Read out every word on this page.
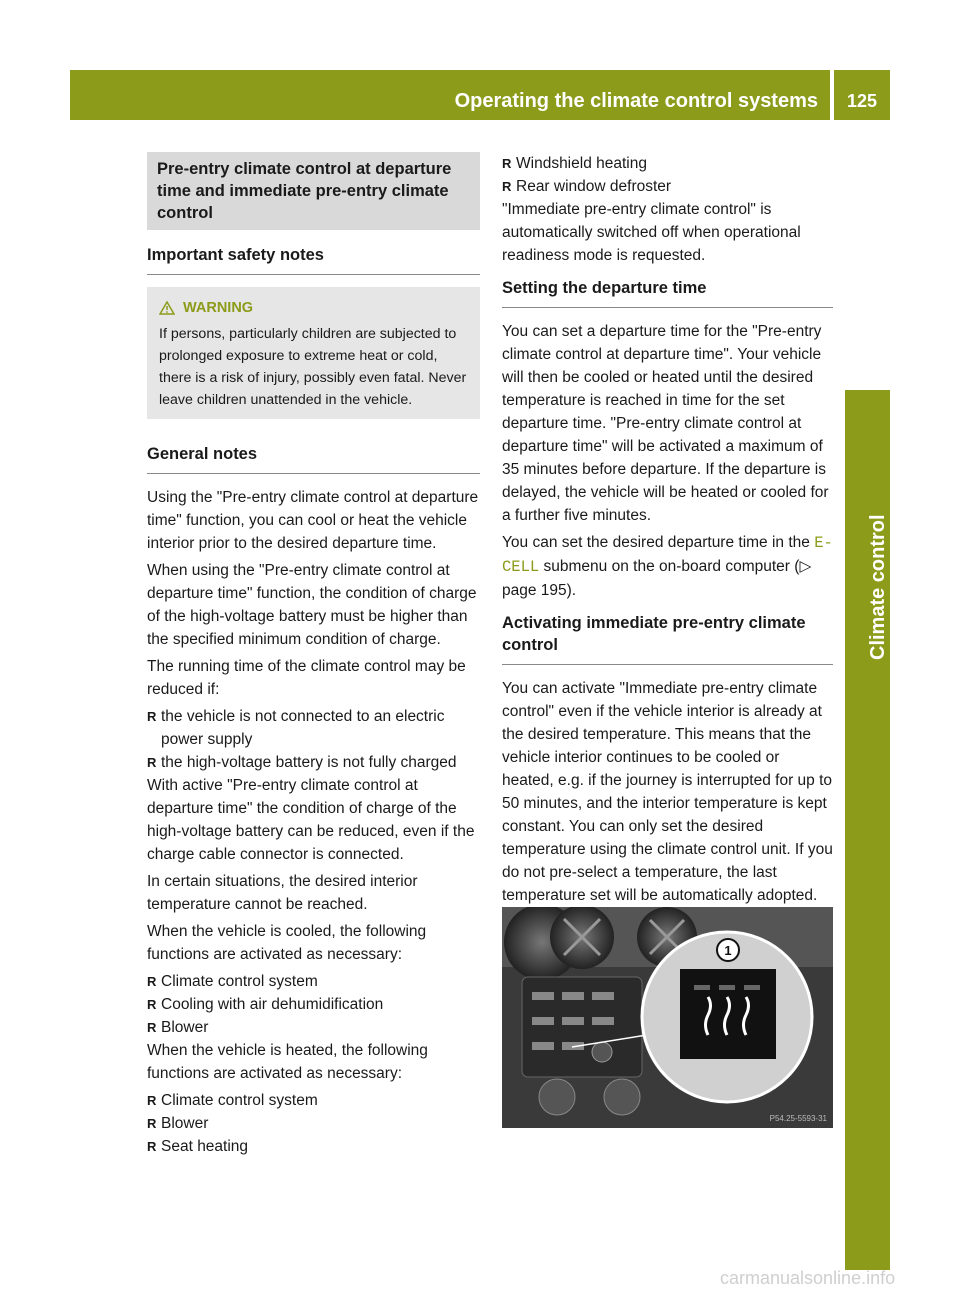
Operating the climate control systems	125
Climate control
Pre-entry climate control at departure time and immediate pre-entry climate control
Important safety notes
WARNING
If persons, particularly children are subjected to prolonged exposure to extreme heat or cold, there is a risk of injury, possibly even fatal. Never leave children unattended in the vehicle.
General notes

Using the "Pre-entry climate control at departure time" function, you can cool or heat the vehicle interior prior to the desired departure time.

When using the "Pre-entry climate control at departure time" function, the condition of charge of the high-voltage battery must be higher than the specified minimum condition of charge.

The running time of the climate control may be reduced if:

R the vehicle is not connected to an electric power supply
R the high-voltage battery is not fully charged

With active "Pre-entry climate control at departure time" the condition of charge of the high-voltage battery can be reduced, even if the charge cable connector is connected.

In certain situations, the desired interior temperature cannot be reached.

When the vehicle is cooled, the following functions are activated as necessary:

R Climate control system
R Cooling with air dehumidification
R Blower

When the vehicle is heated, the following functions are activated as necessary:

R Climate control system
R Blower
R Seat heating
R Windshield heating
R Rear window defroster

"Immediate pre-entry climate control" is automatically switched off when operational readiness mode is requested.

Setting the departure time

You can set a departure time for the "Pre-entry climate control at departure time". Your vehicle will then be cooled or heated until the desired temperature is reached in time for the set departure time. "Pre-entry climate control at departure time" will be activated a maximum of 35 minutes before departure. If the departure is delayed, the vehicle will be heated or cooled for a further five minutes.

You can set the desired departure time in the E-CELL submenu on the on-board computer (▷ page 195).

Activating immediate pre-entry climate control

You can activate "Immediate pre-entry climate control" even if the vehicle interior is already at the desired temperature. This means that the vehicle interior continues to be cooled or heated, e.g. if the journey is interrupted for up to 50 minutes, and the interior temperature is kept constant. You can only set the desired temperature using the climate control unit. If you do not pre-select a temperature, the last temperature set will be automatically adopted.

1
P54.25-5593-31
carmanualsonline.info
